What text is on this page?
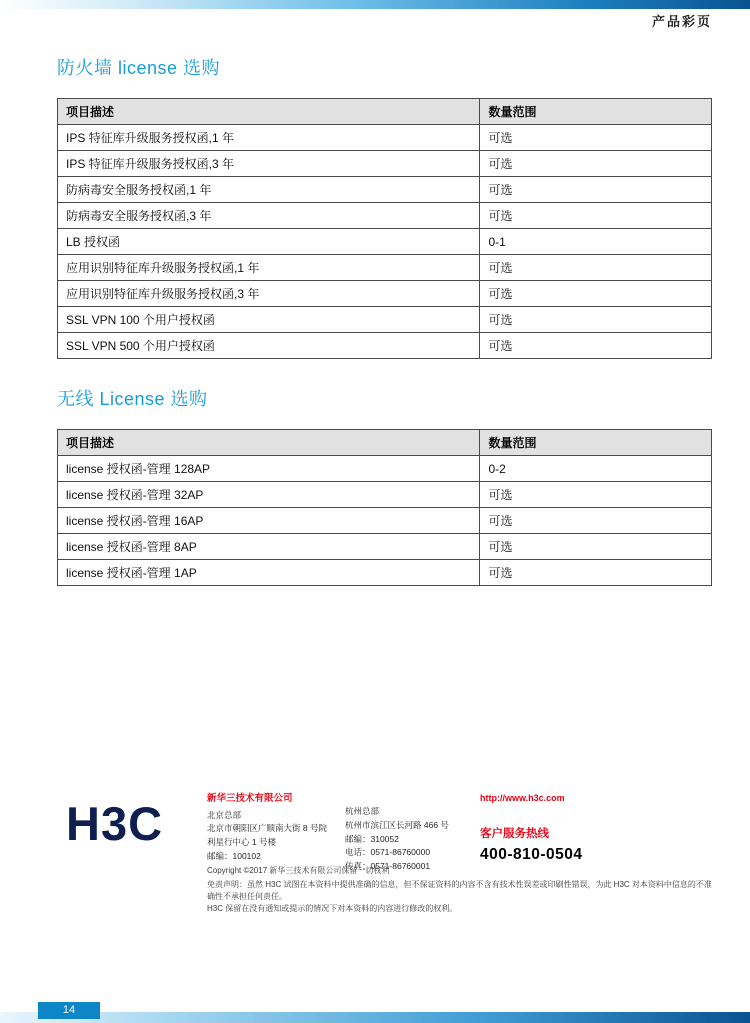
产品彩页
防火墙 license 选购
项目描述	数量范围
IPS 特征库升级服务授权函,1 年	可选
IPS 特征库升级服务授权函,3 年	可选
防病毒安全服务授权函,1 年	可选
防病毒安全服务授权函,3 年	可选
LB 授权函	0-1
应用识别特征库升级服务授权函,1 年	可选
应用识别特征库升级服务授权函,3 年	可选
SSL VPN 100 个用户授权函	可选
SSL VPN 500 个用户授权函	可选
无线 License 选购
项目描述	数量范围
license 授权函-管理 128AP	0-2
license 授权函-管理 32AP	可选
license 授权函-管理 16AP	可选
license 授权函-管理 8AP	可选
license 授权函-管理 1AP	可选
H3C	新华三技术有限公司
北京总部
北京市朝阳区广顺南大街 8 号院
利星行中心 1 号楼
邮编：100102
杭州总部
杭州市滨江区长河路 466 号
邮编：310052
电话：0571-86760000
传真：0571-86760001
http://www.h3c.com
客户服务热线
400-810-0504
Copyright ©2017 新华三技术有限公司保留一切权利
免责声明：虽然 H3C 试图在本资料中提供准确的信息，但不保证资料的内容不含有技术性误差或印刷性错误，为此 H3C 对本资料中信息的不准确性不承担任何责任。
H3C 保留在没有通知或提示的情况下对本资料的内容进行修改的权利。
14
